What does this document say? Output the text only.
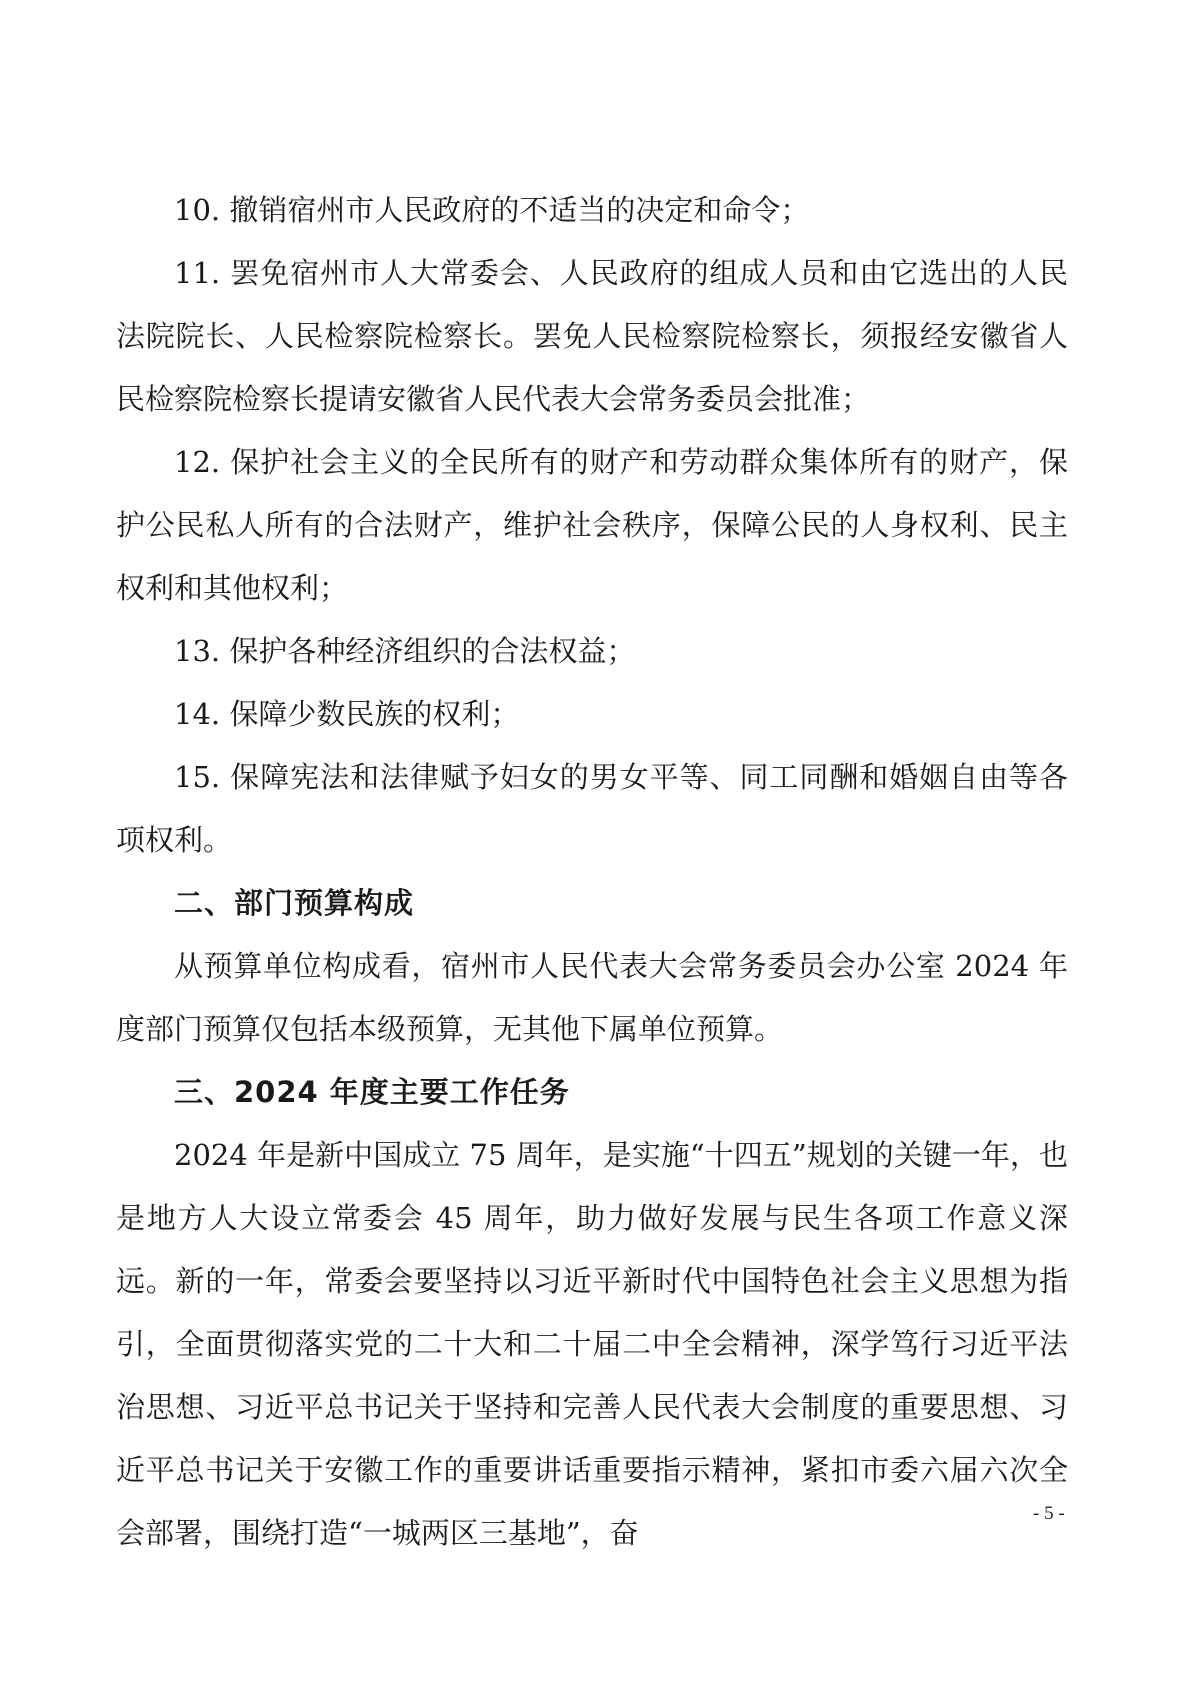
10. 撤销宿州市人民政府的不适当的决定和命令；

11. 罢免宿州市人大常委会、人民政府的组成人员和由它选出的人民法院院长、人民检察院检察长。罢免人民检察院检察长，须报经安徽省人民检察院检察长提请安徽省人民代表大会常务委员会批准；

12. 保护社会主义的全民所有的财产和劳动群众集体所有的财产，保护公民私人所有的合法财产，维护社会秩序，保障公民的人身权利、民主权利和其他权利；

13. 保护各种经济组织的合法权益；

14. 保障少数民族的权利；

15. 保障宪法和法律赋予妇女的男女平等、同工同酬和婚姻自由等各项权利。

二、部门预算构成

从预算单位构成看，宿州市人民代表大会常务委员会办公室 2024 年度部门预算仅包括本级预算，无其他下属单位预算。

三、2024 年度主要工作任务

2024 年是新中国成立 75 周年，是实施“十四五”规划的关键一年，也是地方人大设立常委会 45 周年，助力做好发展与民生各项工作意义深远。新的一年，常委会要坚持以习近平新时代中国特色社会主义思想为指引，全面贯彻落实党的二十大和二十届二中全会精神，深学笃行习近平法治思想、习近平总书记关于坚持和完善人民代表大会制度的重要思想、习近平总书记关于安徽工作的重要讲话重要指示精神，紧扣市委六届六次全会部署，围绕打造“一城两区三基地”，奋

- 5 -
